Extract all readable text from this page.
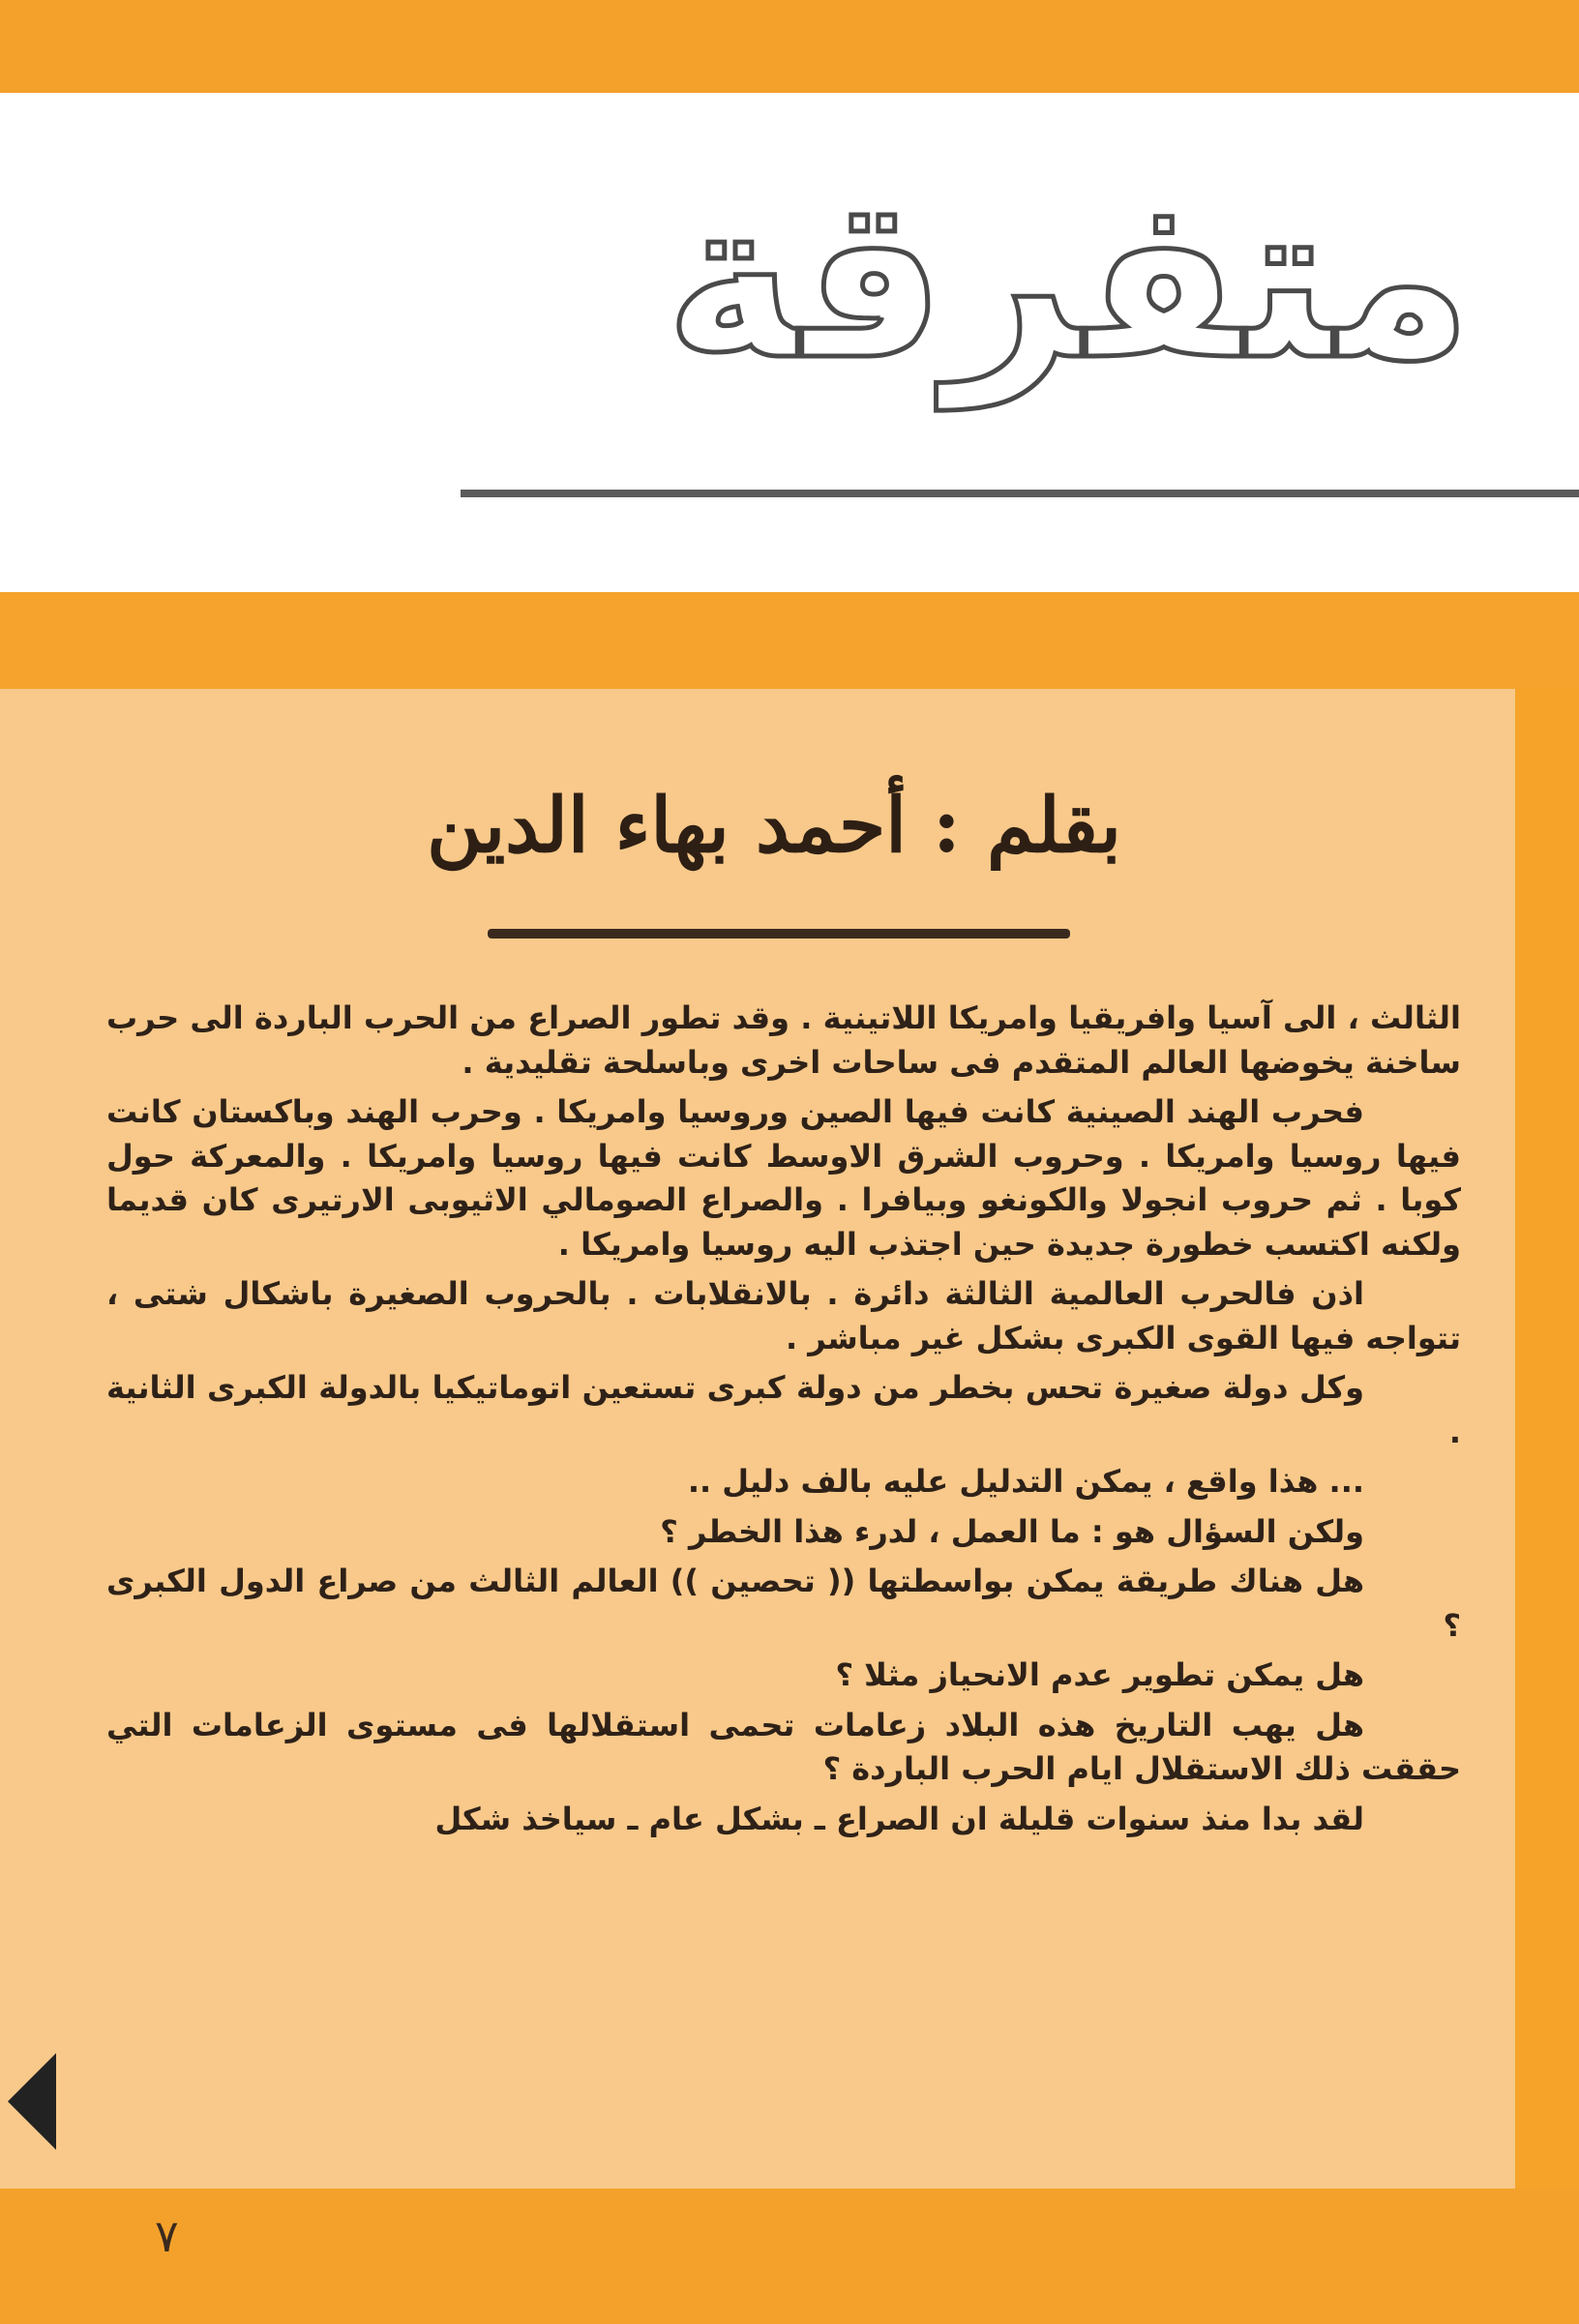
متفرقة
بقلم : أحمد بهاء الدين

الثالث ، الى آسيا وافريقيا وامريكا اللاتينية . وقد تطور الصراع من الحرب الباردة الى حرب ساخنة يخوضها العالم المتقدم فى ساحات اخرى وباسلحة تقليدية .

فحرب الهند الصينية كانت فيها الصين وروسيا وامريكا . وحرب الهند وباكستان كانت فيها روسيا وامريكا . وحروب الشرق الاوسط كانت فيها روسيا وامريكا . والمعركة حول كوبا . ثم حروب انجولا والكونغو وبيافرا . والصراع الصومالي الاثيوبى الارتيرى كان قديما ولكنه اكتسب خطورة جديدة حين اجتذب اليه روسيا وامريكا .

اذن فالحرب العالمية الثالثة دائرة . بالانقلابات . بالحروب الصغيرة باشكال شتى ، تتواجه فيها القوى الكبرى بشكل غير مباشر .

وكل دولة صغيرة تحس بخطر من دولة كبرى تستعين اتوماتيكيا بالدولة الكبرى الثانية .

... هذا واقع ، يمكن التدليل عليه بالف دليل ..

ولكن السؤال هو : ما العمل ، لدرء هذا الخطر ؟

هل هناك طريقة يمكن بواسطتها (( تحصين )) العالم الثالث من صراع الدول الكبرى ؟

هل يمكن تطوير عدم الانحياز مثلا ؟

هل يهب التاريخ هذه البلاد زعامات تحمى استقلالها فى مستوى الزعامات التي حققت ذلك الاستقلال ايام الحرب الباردة ؟

لقد بدا منذ سنوات قليلة ان الصراع ـ بشكل عام ـ سياخذ شكل

٧
